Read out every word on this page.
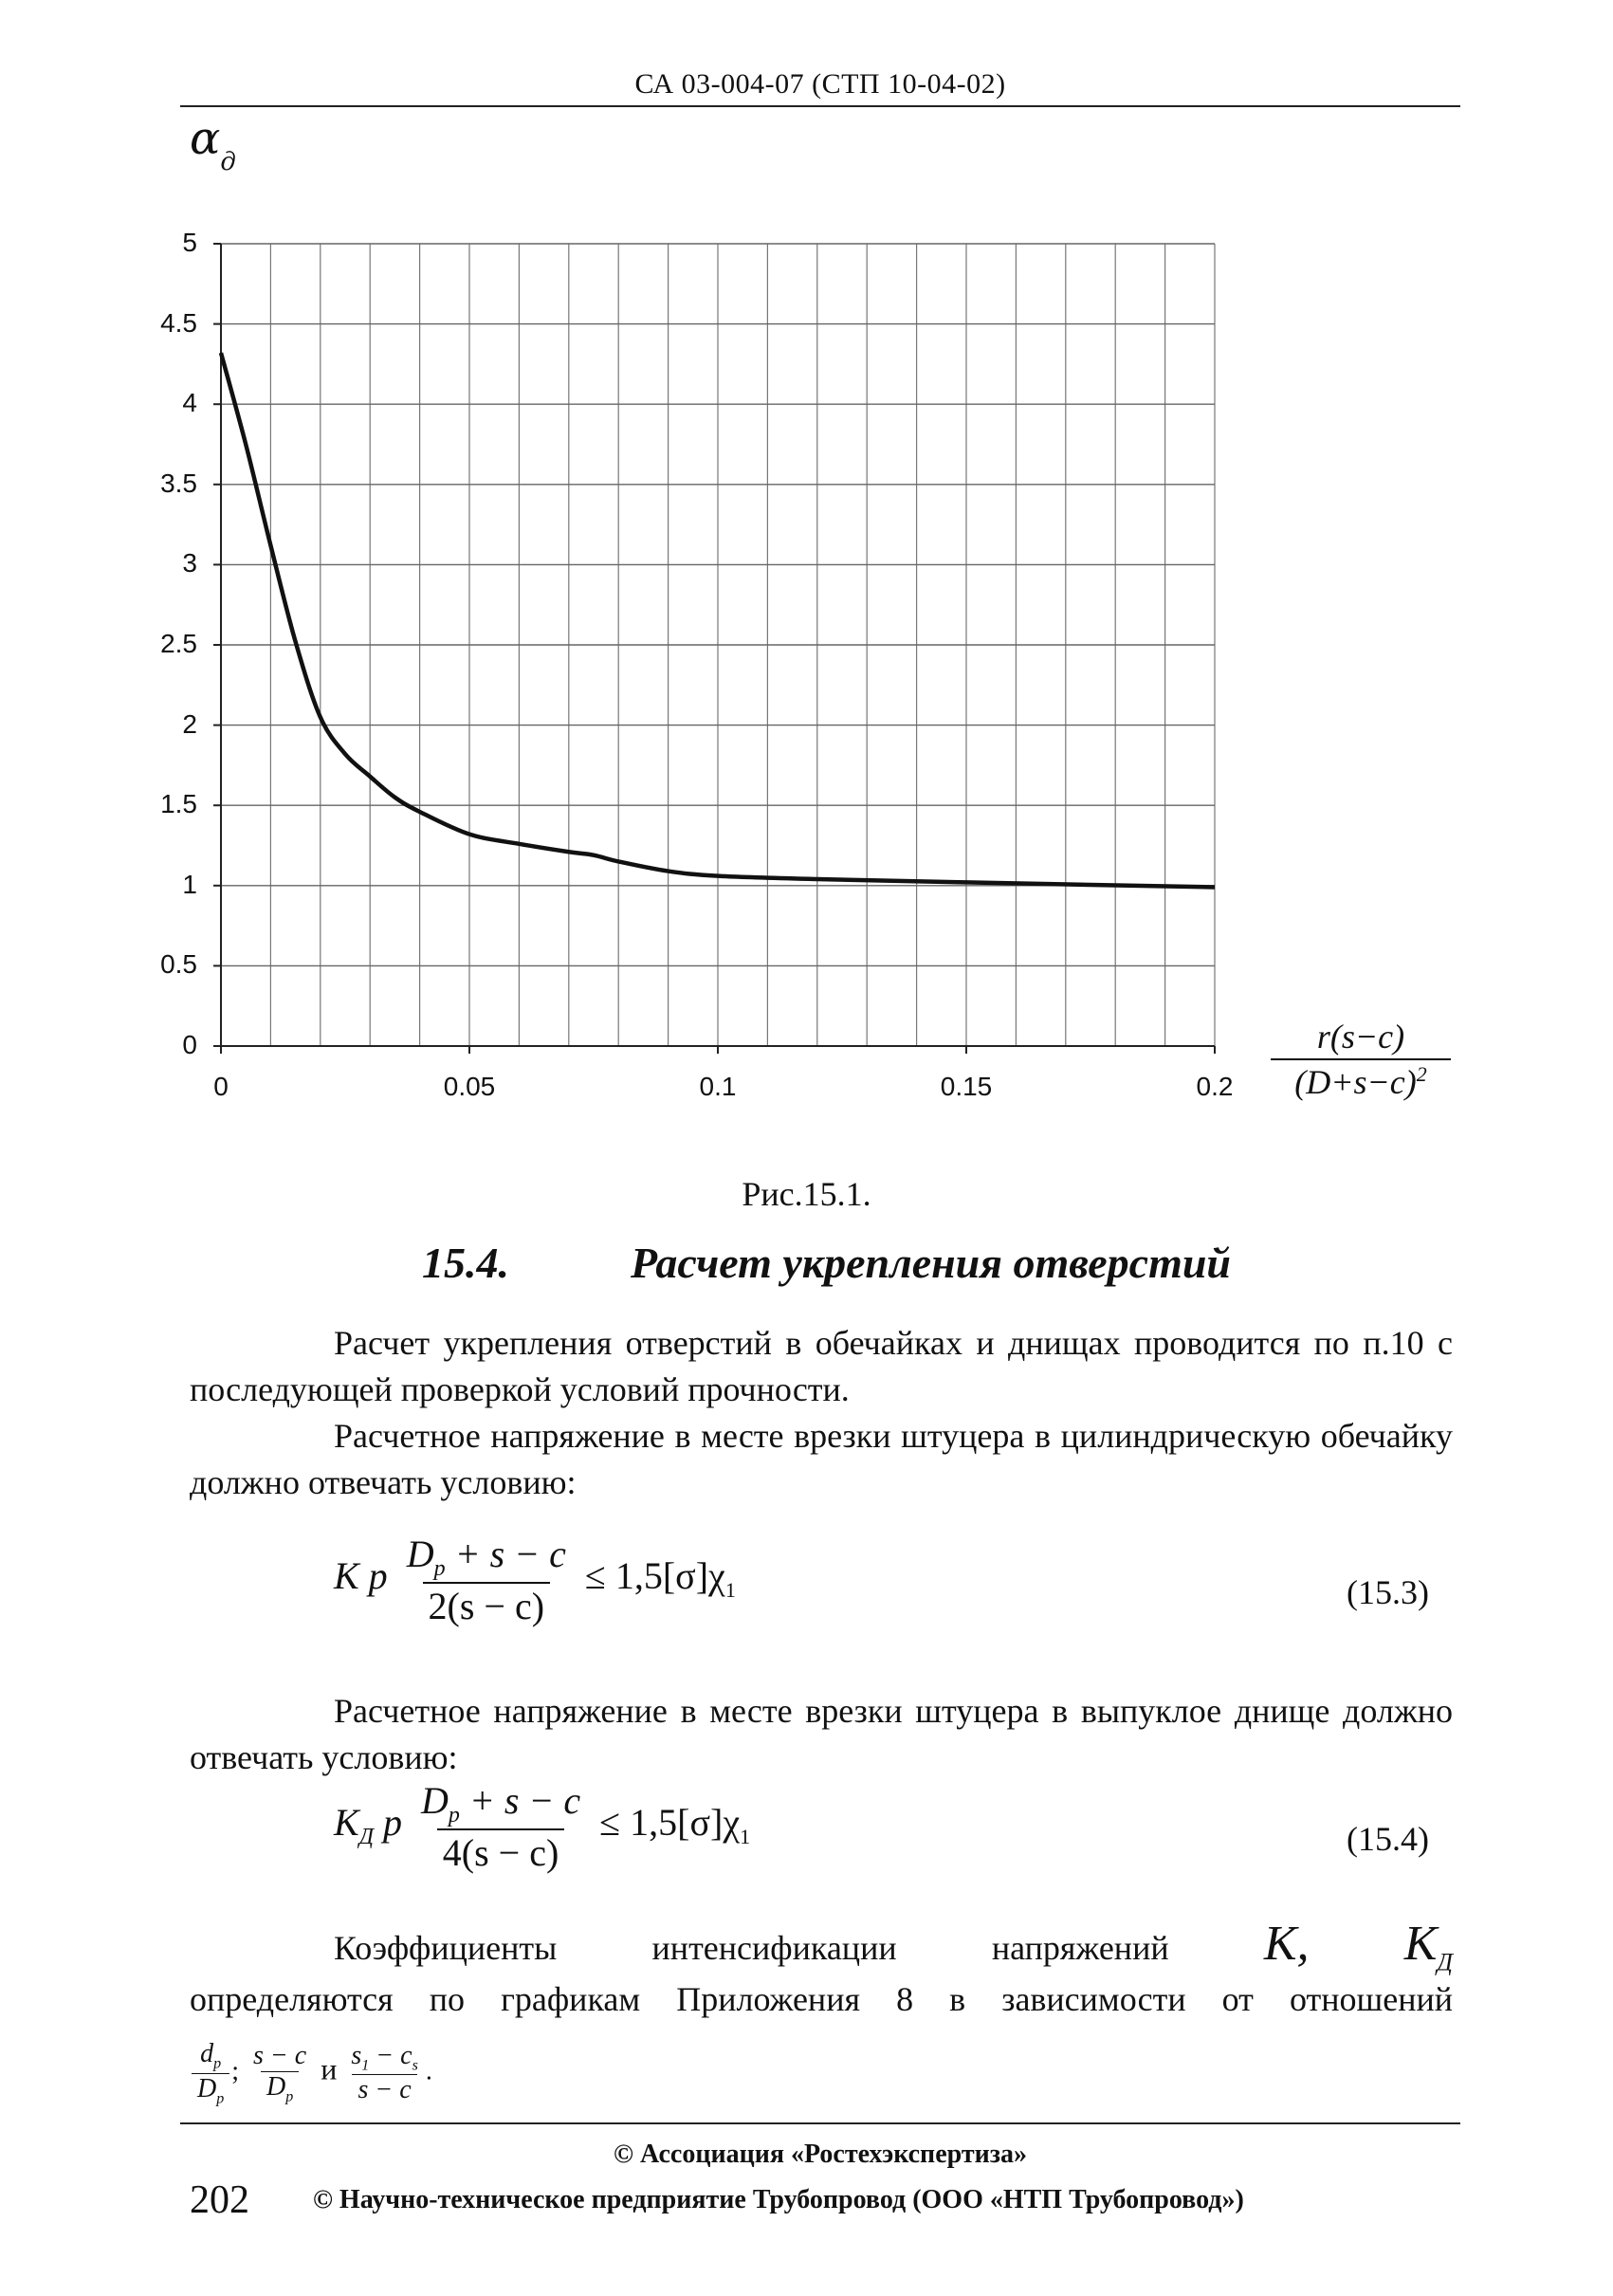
СА 03-004-07 (СТП 10-04-02)
$\alpha_д$
0
0.5
1
1.5
2
2.5
3
3.5
4
4.5
5
0	0.05	0.1	0.15	0.2	$\frac{r(s-c)}{(D+s-c)^2}$
Рис.15.1.
15.4.	Расчет укрепления отверстий

Расчет укрепления отверстий в обечайках и днищах проводится по п.10 с последующей проверкой условий прочности.

Расчетное напряжение в месте врезки штуцера в цилиндрическую обечайку должно отвечать условию:

K p $\frac{D_p + s - c}{2(s - c)} \le 1,5[\sigma]\chi_1$	(15.3)

Расчетное напряжение в месте врезки штуцера в выпуклое днище должно отвечать условию:

$K_Д$ p $\frac{D_p + s - c}{4(s - c)} \le 1,5[\sigma]\chi_1$	(15.4)
Коэффициенты	интенсификации	напряжений K, $K_Д$

определяются по графикам Приложения 8 в зависимости от отношений

$\frac{d_p}{D_p}$ ; $\frac{s - c}{D_p}$ и $\frac{s_1 - c_s}{s - c}$ .
© Ассоциация «Ростехэкспертиза»
202 © Научно-техническое предприятие Трубопровод (ООО «НТП Трубопровод»)
